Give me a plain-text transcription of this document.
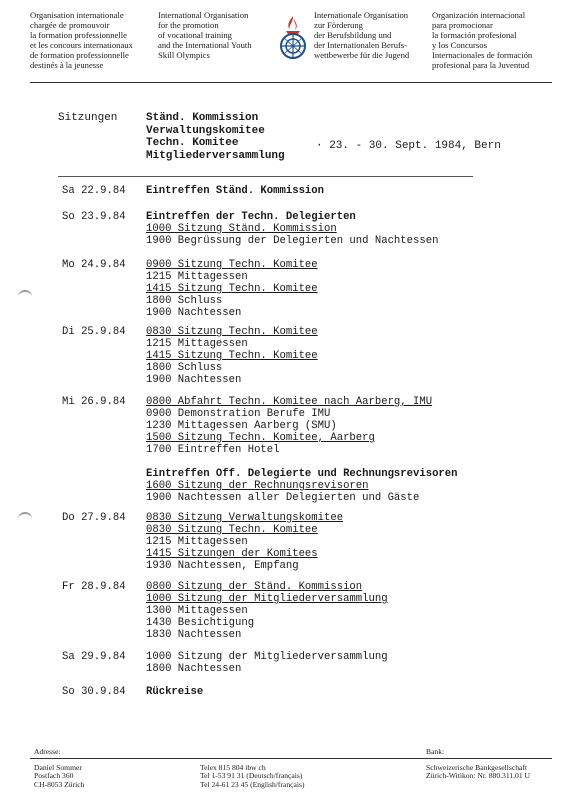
Organisation internationale
chargée de promouvoir
la formation professionnelle
et les concours internationaux
de formation professionnelle
destinés à la jeunesse
International Organisation
for the promotion
of vocational training
and the International Youth
Skill Olympics
Internationale Organisation
zur Förderung
der Berufsbildung und
der Internationalen Berufs-
wettbewerbe für die Jugend
Organización internacional
para promocionar
la formación profesional
y los Concursos
Internacionales de formación
profesional para la Juventud
Sitzungen	Ständ. Kommission
Verwaltungskomitee
Techn. Komitee
Mitgliederversammlung
· 23. - 30. Sept. 1984, Bern
Sa 22.9.84 Eintreffen Ständ. Kommission
So 23.9.84 Eintreffen der Techn. Delegierten
1000 Sitzung Ständ. Kommission
1900 Begrüssung der Delegierten und Nachtessen
Mo 24.9.84 0900 Sitzung Techn. Komitee
1215 Mittagessen
1415 Sitzung Techn. Komitee
1800 Schluss
1900 Nachtessen
Di 25.9.84 0830 Sitzung Techn. Komitee
1215 Mittagessen
1415 Sitzung Techn. Komitee
1800 Schluss
1900 Nachtessen
Mi 26.9.84 0800 Abfahrt Techn. Komitee nach Aarberg, IMU
0900 Demonstration Berufe IMU
1230 Mittagessen Aarberg (SMU)
1500 Sitzung Techn. Komitee, Aarberg
1700 Eintreffen Hotel
Eintreffen Off. Delegierte und Rechnungsrevisoren
1600 Sitzung der Rechnungsrevisoren
1900 Nachtessen aller Delegierten und Gäste
Do 27.9.84 0830 Sitzung Verwaltungskomitee
0830 Sitzung Techn. Komitee
1215 Mittagessen
1415 Sitzungen der Komitees
1930 Nachtessen, Empfang
Fr 28.9.84 0800 Sitzung der Ständ. Kommission
1000 Sitzung der Mitgliederversammlung
1300 Mittagessen
1430 Besichtigung
1830 Nachtessen
Sa 29.9.84 1000 Sitzung der Mitgliederversammlung
1800 Nachtessen
So 30.9.84 Rückreise
Adresse:
Daniel Sommer
Postfach 360
CH-8053 Zürich
Telex 815 804 ibw ch
Tel 1-53 91 31 (Deutsch/français)
Tel 24-61 23 45 (English/français)
Bank:
Schweizerische Bankgesellschaft
Zürich-Witikon: Nr. 880.311.01 U
